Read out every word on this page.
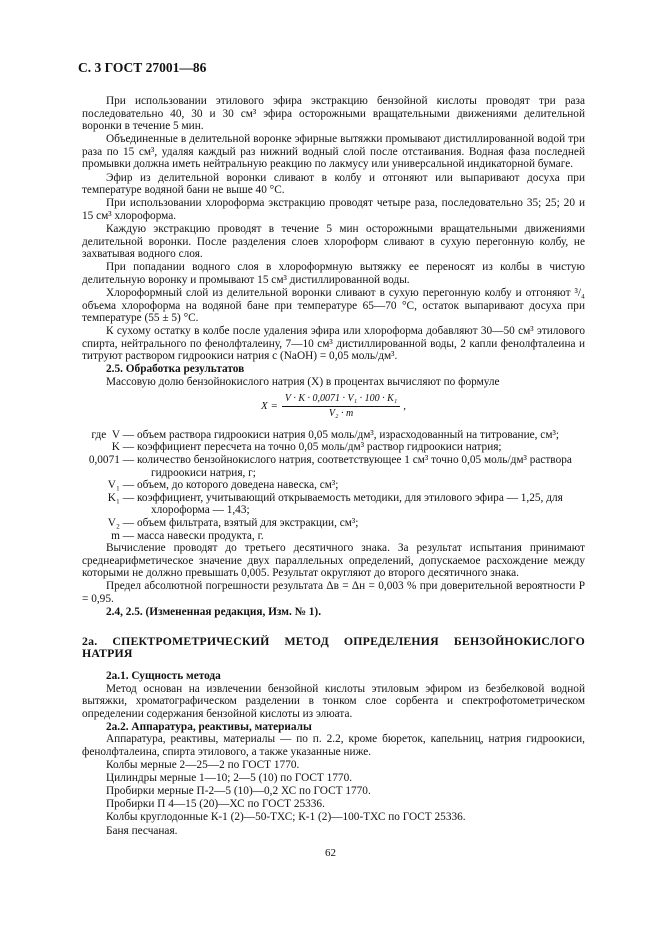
С. 3 ГОСТ 27001—86

При использовании этилового эфира экстракцию бензойной кислоты проводят три раза последовательно 40, 30 и 30 см³ эфира осторожными вращательными движениями делительной воронки в течение 5 мин.

Объединенные в делительной воронке эфирные вытяжки промывают дистиллированной водой три раза по 15 см³, удаляя каждый раз нижний водный слой после отстаивания. Водная фаза последней промывки должна иметь нейтральную реакцию по лакмусу или универсальной индикаторной бумаге.

Эфир из делительной воронки сливают в колбу и отгоняют или выпаривают досуха при температуре водяной бани не выше 40 °С.

При использовании хлороформа экстракцию проводят четыре раза, последовательно 35; 25; 20 и 15 см³ хлороформа.

Каждую экстракцию проводят в течение 5 мин осторожными вращательными движениями делительной воронки. После разделения слоев хлороформ сливают в сухую перегонную колбу, не захватывая водного слоя.

При попадании водного слоя в хлороформную вытяжку ее переносят из колбы в чистую делительную воронку и промывают 15 см³ дистиллированной воды.

Хлороформный слой из делительной воронки сливают в сухую перегонную колбу и отгоняют ³/₄ объема хлороформа на водяной бане при температуре 65—70 °С, остаток выпаривают досуха при температуре (55 ± 5) °С.

К сухому остатку в колбе после удаления эфира или хлороформа добавляют 30—50 см³ этилового спирта, нейтрального по фенолфталеину, 7—10 см³ дистиллированной воды, 2 капли фенолфталеина и титруют раствором гидроокиси натрия c (NaOH) = 0,05 моль/дм³.

2.5. Обработка результатов

Массовую долю бензойнокислого натрия (X) в процентах вычисляют по формуле

$X = \frac{\text{V · K · 0,0071 · V₁ · 100 · K₁}}{\text{V₂ · m}}$ ,
где V — объем раствора гидроокиси натрия 0,05 моль/дм³, израсходованный на титрование, см³;
K — коэффициент пересчета на точно 0,05 моль/дм³ раствор гидроокиси натрия;
0,0071 — количество бензойнокислого натрия, соответствующее 1 см³ точно 0,05 моль/дм³ раствора
гидроокиси натрия, г;
V₁ — объем, до которого доведена навеска, см³;
K₁ — коэффициент, учитывающий открываемость методики, для этилового эфира — 1,25, для
хлороформа — 1,43;
V₂ — объем фильтрата, взятый для экстракции, см³;
m — масса навески продукта, г.

Вычисление проводят до третьего десятичного знака. За результат испытания принимают среднеарифметическое значение двух параллельных определений, допускаемое расхождение между которыми не должно превышать 0,005. Результат округляют до второго десятичного знака.

Предел абсолютной погрешности результата Δв = Δн = 0,003 % при доверительной вероятности P = 0,95.

2.4, 2.5. (Измененная редакция, Изм. № 1).

2а. СПЕКТРОМЕТРИЧЕСКИЙ МЕТОД ОПРЕДЕЛЕНИЯ БЕНЗОЙНОКИСЛОГО НАТРИЯ

2а.1. Сущность метода

Метод основан на извлечении бензойной кислоты этиловым эфиром из безбелковой водной вытяжки, хроматографическом разделении в тонком слое сорбента и спектрофотометрическом определении содержания бензойной кислоты из элюата.

2а.2. Аппаратура, реактивы, материалы

Аппаратура, реактивы, материалы — по п. 2.2, кроме бюреток, капельниц, натрия гидроокиси, фенолфталеина, спирта этилового, а также указанные ниже.

Колбы мерные 2—25—2 по ГОСТ 1770.

Цилиндры мерные 1—10; 2—5 (10) по ГОСТ 1770.

Пробирки мерные П-2—5 (10)—0,2 ХС по ГОСТ 1770.

Пробирки П 4—15 (20)—ХС по ГОСТ 25336.

Колбы круглодонные К-1 (2)—50-ТХС; К-1 (2)—100-ТХС по ГОСТ 25336.

Баня песчаная.

62
